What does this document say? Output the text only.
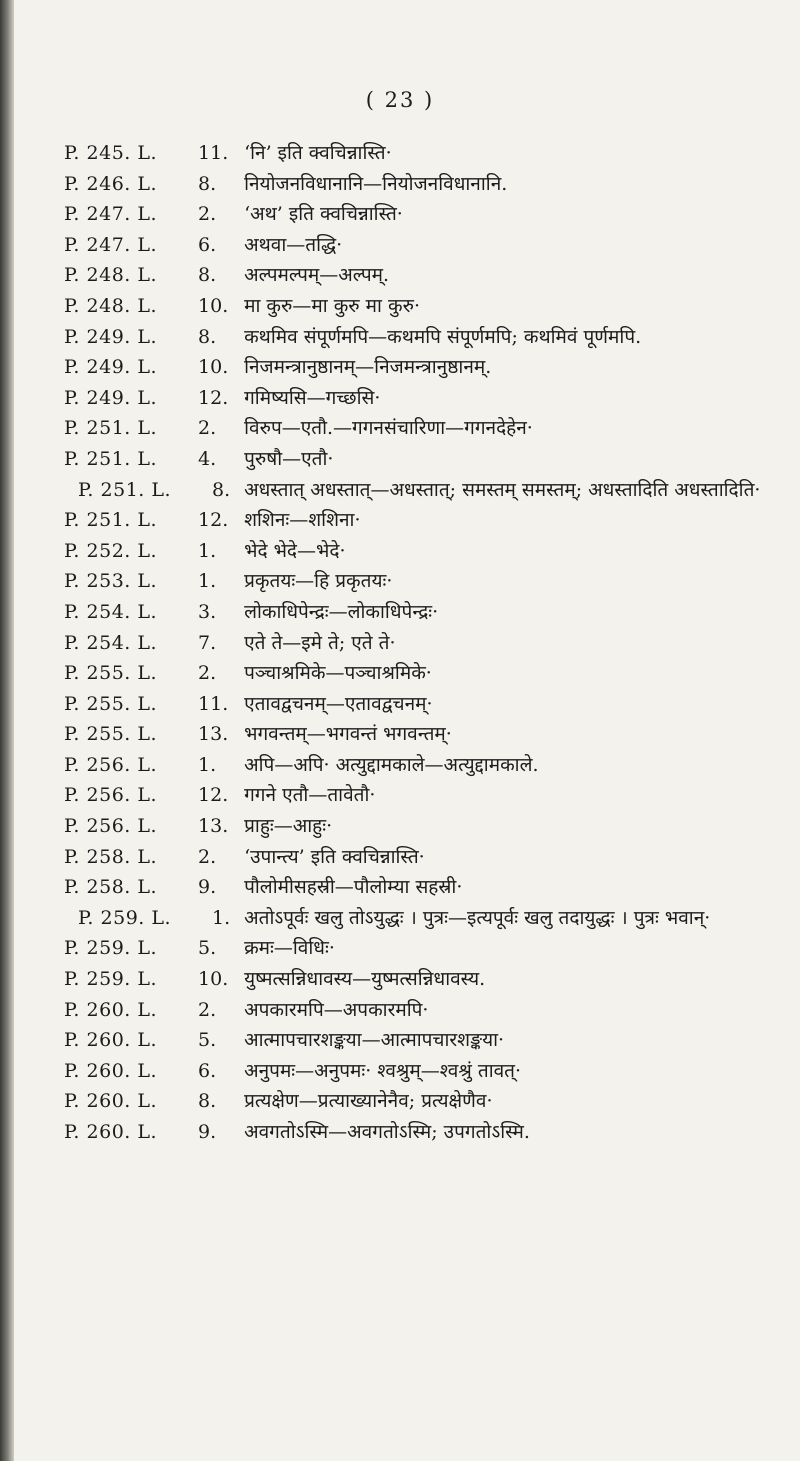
( 23 )
P. 245. L. 11. ‘नि’ इति क्वचिन्नास्ति·
P. 246. L. 8. नियोजनविधानानि—नियोजनविधानानि.
P. 247. L. 2. ‘अथ’ इति क्वचिन्नास्ति·
P. 247. L. 6. अथवा—तद्धि·
P. 248. L. 8. अल्पमल्पम्—अल्पम्.
P. 248. L. 10. मा कुरु—मा कुरु मा कुरु·
P. 249. L. 8. कथमिव संपूर्णमपि—कथमपि संपूर्णमपि; कथमिवं पूर्णमपि.
P. 249. L. 10. निजमन्त्रानुष्ठानम्—निजमन्त्रानुष्ठानम्.
P. 249. L. 12. गमिष्यसि—गच्छसि·
P. 251. L. 2. विरुप—एतौ.—गगनसंचारिणा—गगनदेहेन·
P. 251. L. 4. पुरुषौ—एतौ·
P. 251. L. 8. अधस्तात् अधस्तात्—अधस्तात्; समस्तम् समस्तम्; अधस्तादिति अधस्तादिति·
P. 251. L. 12. शशिनः—शशिना·
P. 252. L. 1. भेदे भेदे—भेदे·
P. 253. L. 1. प्रकृतयः—हि प्रकृतयः·
P. 254. L. 3. लोकाधिपेन्द्रः—लोकाधिपेन्द्रः·
P. 254. L. 7. एते ते—इमे ते; एते ते·
P. 255. L. 2. पञ्चाश्रमिके—पञ्चाश्रमिके·
P. 255. L. 11. एतावद्वचनम्—एतावद्वचनम्·
P. 255. L. 13. भगवन्तम्—भगवन्तं भगवन्तम्·
P. 256. L. 1. अपि—अपि· अत्युद्दामकाले—अत्युद्दामकाले.
P. 256. L. 12. गगने एतौ—तावेतौ·
P. 256. L. 13. प्राहुः—आहुः·
P. 258. L. 2. ‘उपान्त्य’ इति क्वचिन्नास्ति·
P. 258. L. 9. पौलोमीसहस्री—पौलोम्या सहस्री·
P. 259. L. 1. अतोऽपूर्वः खलु तोऽयुद्धः । पुत्रः—इत्यपूर्वः खलु तदायुद्धः । पुत्रः भवान्·
P. 259. L. 5. क्रमः—विधिः·
P. 259. L. 10. युष्मत्सन्निधावस्य—युष्मत्सन्निधावस्य.
P. 260. L. 2. अपकारमपि—अपकारमपि·
P. 260. L. 5. आत्मापचारशङ्कया—आत्मापचारशङ्कया·
P. 260. L. 6. अनुपमः—अनुपमः· श्वश्रुम्—श्वश्रुं तावत्·
P. 260. L. 8. प्रत्यक्षेण—प्रत्याख्यानेनैव; प्रत्यक्षेणैव·
P. 260. L. 9. अवगतोऽस्मि—अवगतोऽस्मि; उपगतोऽस्मि.
